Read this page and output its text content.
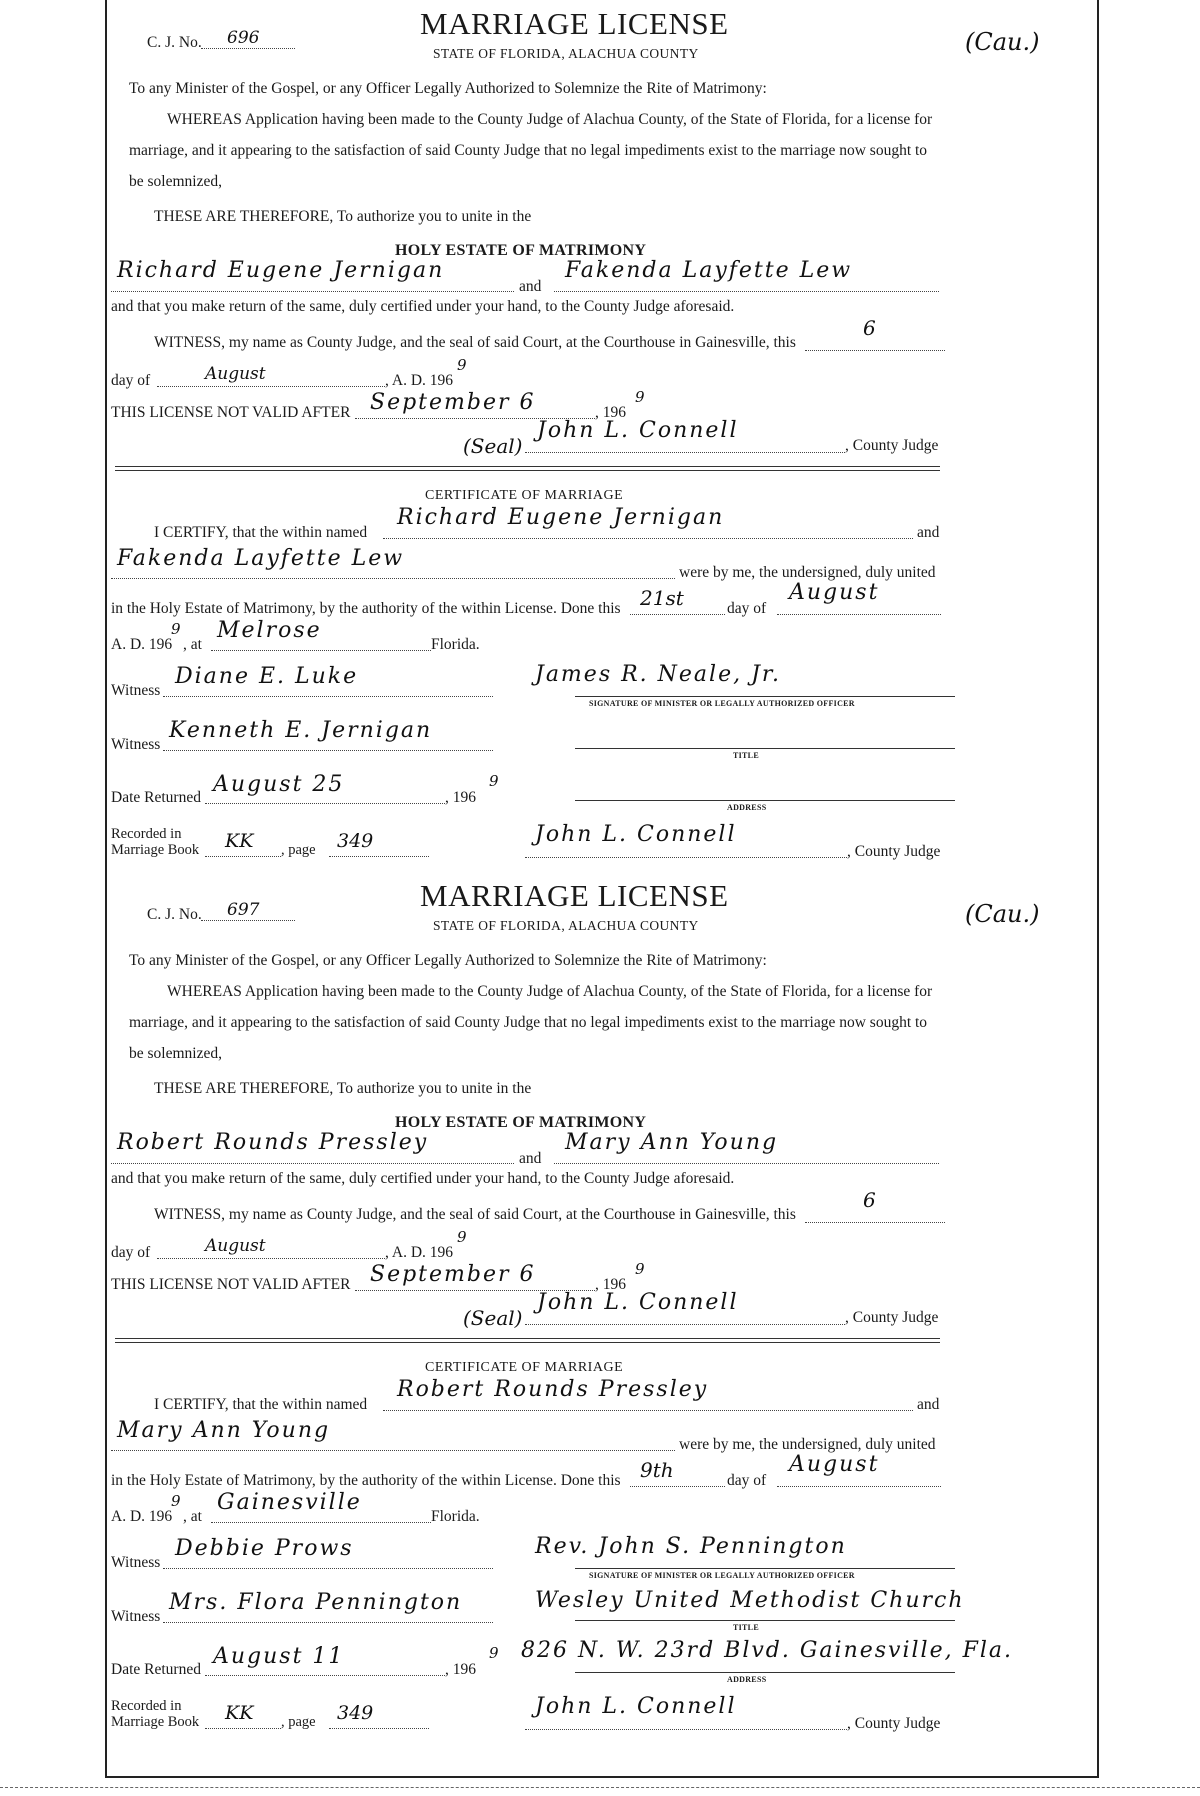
C. J. No. 696	MARRIAGE LICENSE
STATE OF FLORIDA, ALACHUA COUNTY	(Cau.)
To any Minister of the Gospel, or any Officer Legally Authorized to Solemnize the Rite of Matrimony:
WHEREAS Application having been made to the County Judge of Alachua County, of the State of Florida, for a license for
marriage, and it appearing to the satisfaction of said County Judge that no legal impediments exist to the marriage now sought to
be solemnized,
THESE ARE THEREFORE, To authorize you to unite in the
HOLY ESTATE OF MATRIMONY
Richard Eugene Jernigan
and
Fakenda Layfette Lew
and that you make return of the same, duly certified under your hand, to the County Judge aforesaid.
WITNESS, my name as County Judge, and the seal of said Court, at the Courthouse in Gainesville, this
6
day of	August	, A. D. 196
9
THIS LICENSE NOT VALID AFTER September 6	, 196
9
(Seal)
John L. Connell
, County Judge
CERTIFICATE OF MARRIAGE
I CERTIFY, that the within named
Richard Eugene Jernigan
and
Fakenda Layfette Lew
were by me, the undersigned, duly united
in the Holy Estate of Matrimony, by the authority of the within License. Done this 21st	day of
August
A. D. 196
9
, at
Melrose
Florida.
Witness
Diane E. Luke	James R. Neale, Jr.
SIGNATURE OF MINISTER OR LEGALLY AUTHORIZED OFFICER
Witness
Kenneth E. Jernigan
TITLE
Date Returned
August 25
, 196
9
ADDRESS
Recorded in
Marriage Book KK , page 349	John L. Connell
, County Judge
C. J. No. 697	MARRIAGE LICENSE
STATE OF FLORIDA, ALACHUA COUNTY	(Cau.)
To any Minister of the Gospel, or any Officer Legally Authorized to Solemnize the Rite of Matrimony:
WHEREAS Application having been made to the County Judge of Alachua County, of the State of Florida, for a license for
marriage, and it appearing to the satisfaction of said County Judge that no legal impediments exist to the marriage now sought to
be solemnized,
THESE ARE THEREFORE, To authorize you to unite in the
HOLY ESTATE OF MATRIMONY
Robert Rounds Pressley
and
Mary Ann Young
and that you make return of the same, duly certified under your hand, to the County Judge aforesaid.
WITNESS, my name as County Judge, and the seal of said Court, at the Courthouse in Gainesville, this
6
day of	August	, A. D. 196
9
THIS LICENSE NOT VALID AFTER September 6	, 196
9
(Seal)
John L. Connell
, County Judge
CERTIFICATE OF MARRIAGE
I CERTIFY, that the within named
Robert Rounds Pressley
and
Mary Ann Young
were by me, the undersigned, duly united
in the Holy Estate of Matrimony, by the authority of the within License. Done this 9th	day of
August
A. D. 196
9
, at
Gainesville
Florida.
Witness
Debbie Prows	Rev. John S. Pennington
SIGNATURE OF MINISTER OR LEGALLY AUTHORIZED OFFICER
Witness
Mrs. Flora Pennington	Wesley United Methodist Church
TITLE
Date Returned
August 11
, 196
9 826 N. W. 23rd Blvd. Gainesville, Fla.
ADDRESS
Recorded in
Marriage Book KK , page 349	John L. Connell
, County Judge
